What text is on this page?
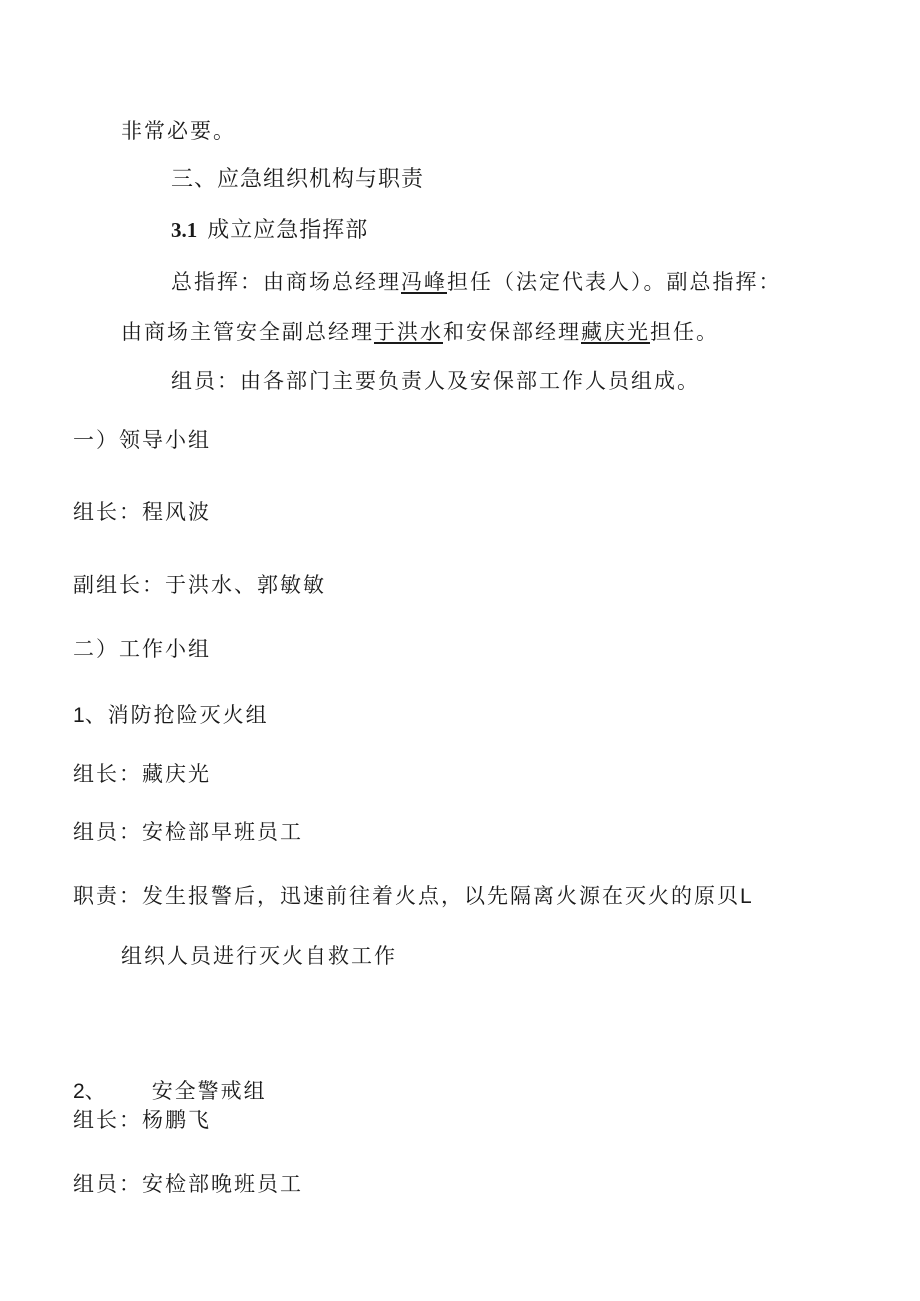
非常必要。
三、应急组织机构与职责
3.1 成立应急指挥部
总指挥：由商场总经理冯峰担任（法定代表人）。副总指挥：
由商场主管安全副总经理于洪水和安保部经理藏庆光担任。
组员：由各部门主要负责人及安保部工作人员组成。
一）领导小组
组长：程风波
副组长：于洪水、郭敏敏
二）工作小组
1、消防抢险灭火组
组长：藏庆光
组员：安检部早班员工
职责：发生报警后，迅速前往着火点，以先隔离火源在灭火的原贝L
组织人员进行灭火自救工作
2、 安全警戒组
组长：杨鹏飞
组员：安检部晚班员工
